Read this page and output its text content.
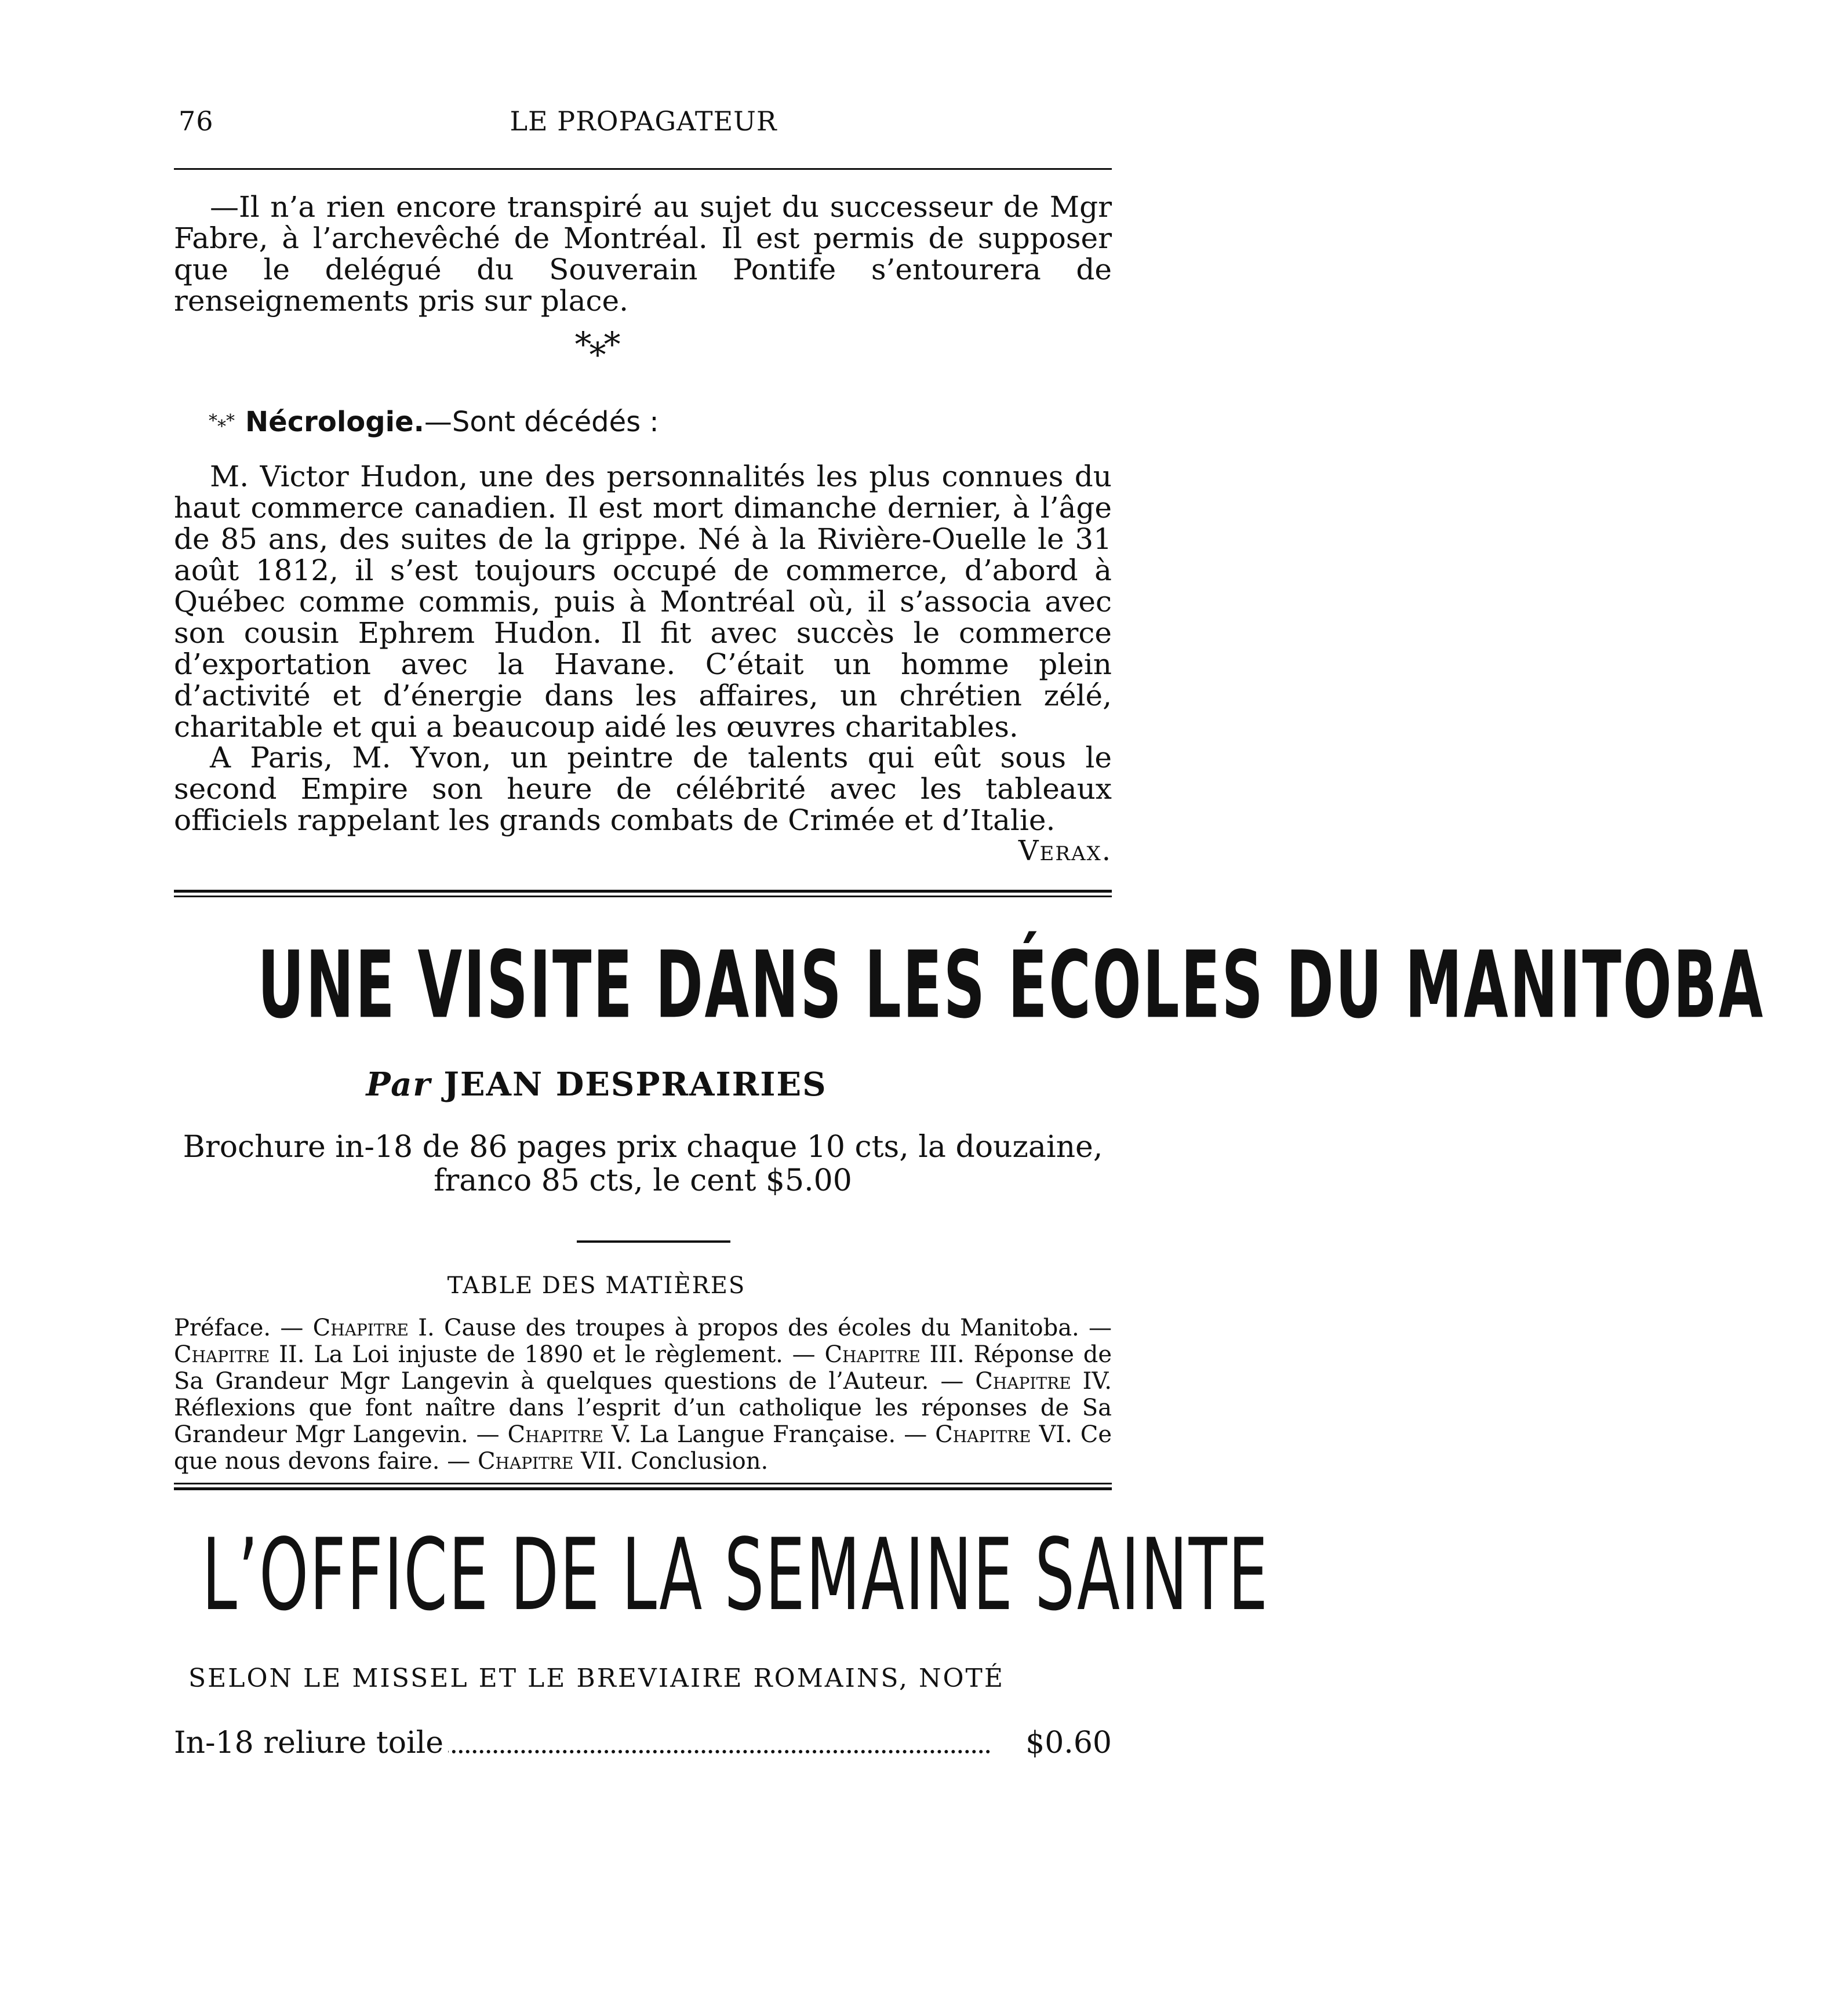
76	LE PROPAGATEUR

—Il n’a rien encore transpiré au sujet du successeur de Mgr Fabre, à l’archevêché de Montréal. Il est permis de supposer que le delégué du Souverain Pontife s’entourera de renseignements pris sur place.

*⁎*
*⁎* Nécrologie.—Sont décédés :

M. Victor Hudon, une des personnalités les plus connues du haut commerce canadien. Il est mort dimanche dernier, à l’âge de 85 ans, des suites de la grippe. Né à la Rivière-Ouelle le 31 août 1812, il s’est toujours occupé de commerce, d’abord à Québec comme commis, puis à Montréal où, il s’associa avec son cousin Ephrem Hudon. Il fit avec succès le commerce d’exportation avec la Havane. C’était un homme plein d’activité et d’énergie dans les affaires, un chrétien zélé, charitable et qui a beaucoup aidé les œuvres charitables.

A Paris, M. Yvon, un peintre de talents qui eût sous le second Empire son heure de célébrité avec les tableaux officiels rappelant les grands combats de Crimée et d’Italie.

Verax.
UNE VISITE DANS LES ÉCOLES DU MANITOBA
Par JEAN DESPRAIRIES
Brochure in-18 de 86 pages prix chaque 10 cts, la douzaine,
franco 85 cts, le cent $5.00
TABLE DES MATIÈRES

Préface. — Chapitre I. Cause des troupes à propos des écoles du Manitoba. — Chapitre II. La Loi injuste de 1890 et le règlement. — Chapitre III. Réponse de Sa Grandeur Mgr Langevin à quelques questions de l’Auteur. — Chapitre IV. Réflexions que font naître dans l’esprit d’un catholique les réponses de Sa Grandeur Mgr Langevin. — Chapitre V. La Langue Française. — Chapitre VI. Ce que nous devons faire. — Chapitre VII. Conclusion.

L’OFFICE DE LA SEMAINE SAINTE
SELON LE MISSEL ET LE BREVIAIRE ROMAINS, NOTÉ
In-18 reliure toile	$0.60
